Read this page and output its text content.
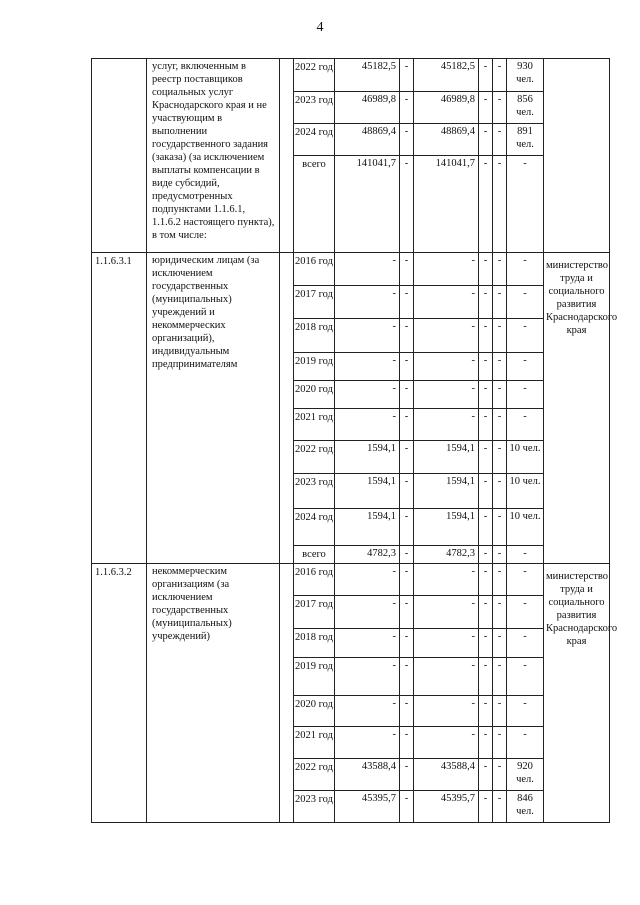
4
	услуг, включенным в реестр поставщиков социальных услуг Краснодарского края и не участвующим в выполнении государственного задания (заказа) (за исключением выплаты компенсации в виде субсидий, предусмотренных подпунктами 1.1.6.1, 1.1.6.2 настоящего пункта), в том числе:		2022 год	45182,5	-	45182,5	-	-	930 чел.	
			2023 год	46989,8	-	46989,8	-	-	856 чел.	
			2024 год	48869,4	-	48869,4	-	-	891 чел.	
			всего	141041,7	-	141041,7	-	-	-	
1.1.6.3.1	юридическим лицам (за исключением государственных (муниципальных) учреждений и некоммерческих организаций), индивидуальным предпринимателям		2016 год	-	-	-	-	-	-	министерство труда и социального развития Краснодарского края
			2017 год	-	-	-	-	-	-	
			2018 год	-	-	-	-	-	-	
			2019 год	-	-	-	-	-	-	
			2020 год	-	-	-	-	-	-	
			2021 год	-	-	-	-	-	-	
			2022 год	1594,1	-	1594,1	-	-	10 чел.	
			2023 год	1594,1	-	1594,1	-	-	10 чел.	
			2024 год	1594,1	-	1594,1	-	-	10 чел.	
			всего	4782,3	-	4782,3	-	-	-	
1.1.6.3.2	некоммерческим организациям (за исключением государственных (муниципальных) учреждений)		2016 год	-	-	-	-	-	-	министерство труда и социального развития Краснодарского края
			2017 год	-	-	-	-	-	-	
			2018 год	-	-	-	-	-	-	
			2019 год	-	-	-	-	-	-	
			2020 год	-	-	-	-	-	-	
			2021 год	-	-	-	-	-	-	
			2022 год	43588,4	-	43588,4	-	-	920 чел.	
			2023 год	45395,7	-	45395,7	-	-	846 чел.	
